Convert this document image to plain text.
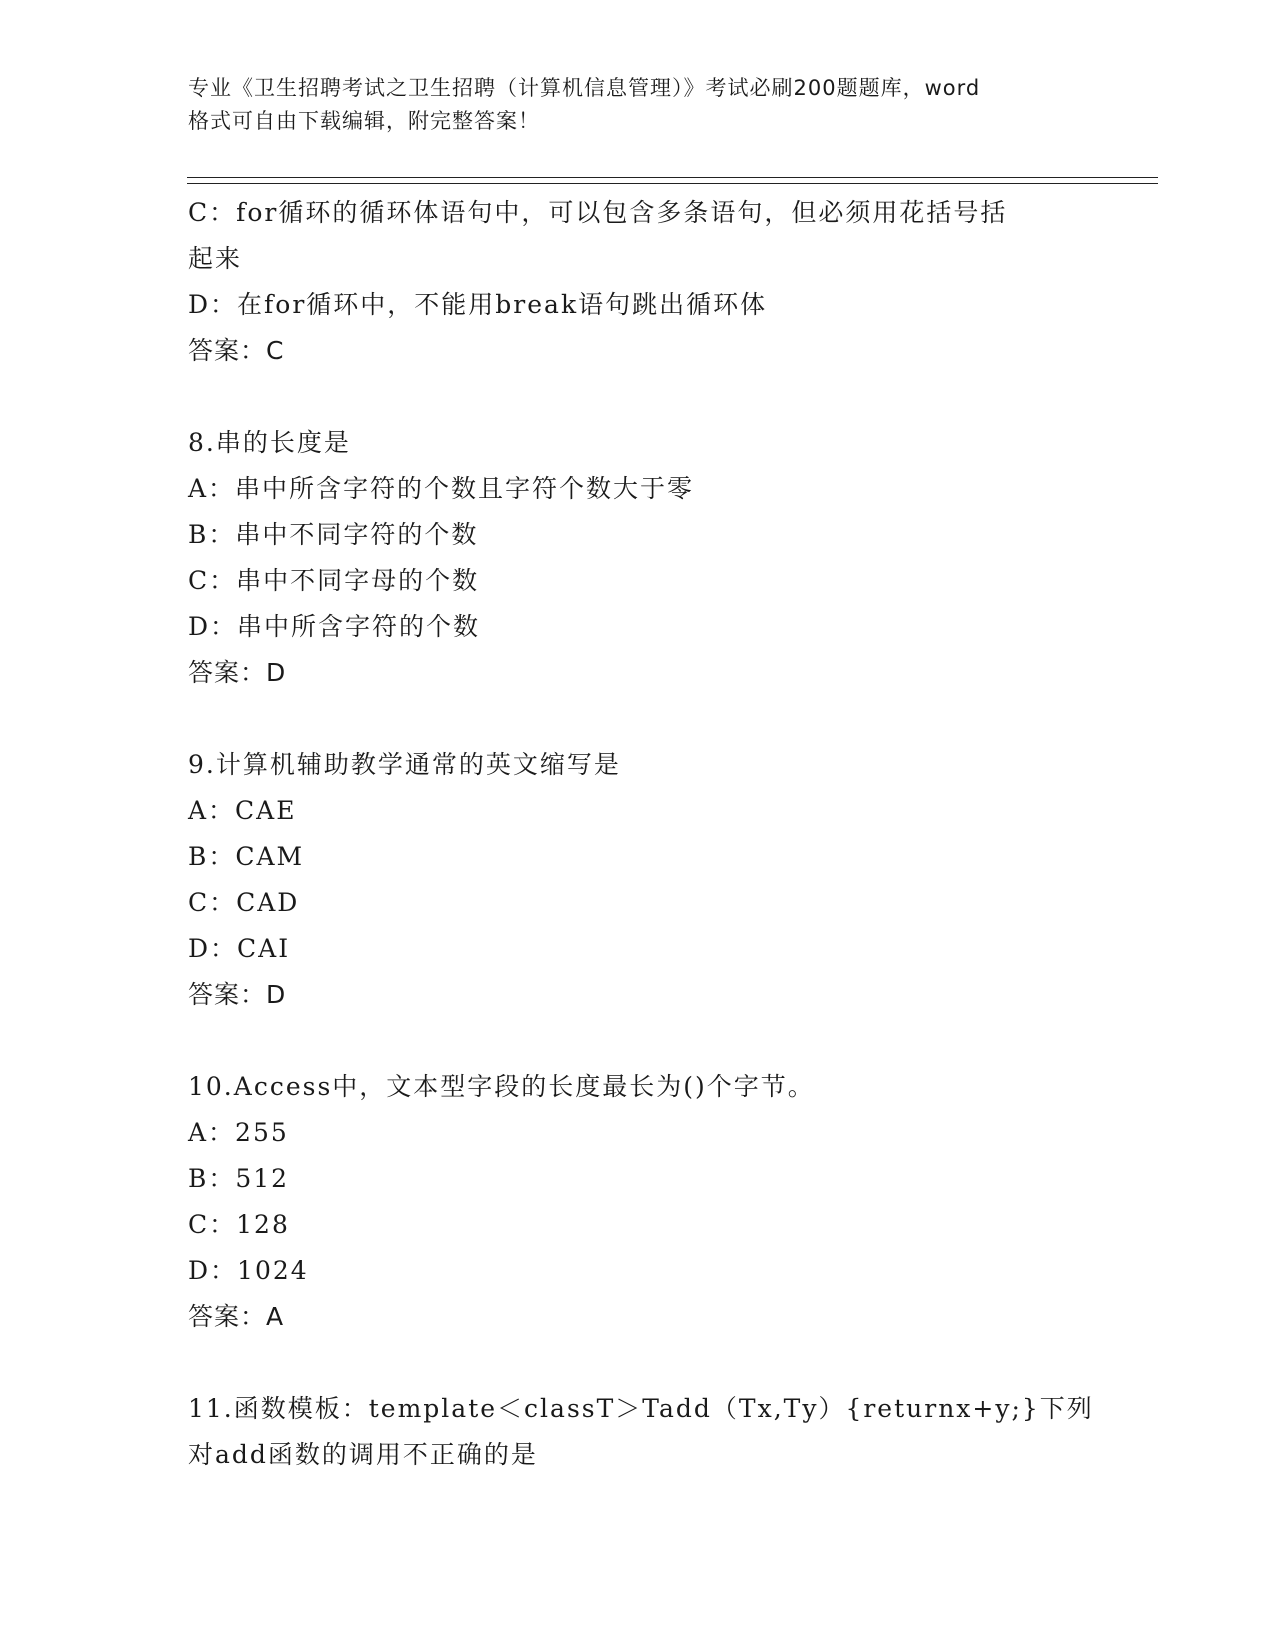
专业《卫生招聘考试之卫生招聘（计算机信息管理）》考试必刷200题题库，word
格式可自由下载编辑，附完整答案！
C：for循环的循环体语句中，可以包含多条语句，但必须用花括号括
起来
D：在for循环中，不能用break语句跳出循环体
答案：C
8.串的长度是
A：串中所含字符的个数且字符个数大于零
B：串中不同字符的个数
C：串中不同字母的个数
D：串中所含字符的个数
答案：D
9.计算机辅助教学通常的英文缩写是
A：CAE
B：CAM
C：CAD
D：CAI
答案：D
10.Access中，文本型字段的长度最长为()个字节。
A：255
B：512
C：128
D：1024
答案：A
11.函数模板：template＜classT＞Tadd（Tx,Ty）{returnx+y;}下列
对add函数的调用不正确的是
